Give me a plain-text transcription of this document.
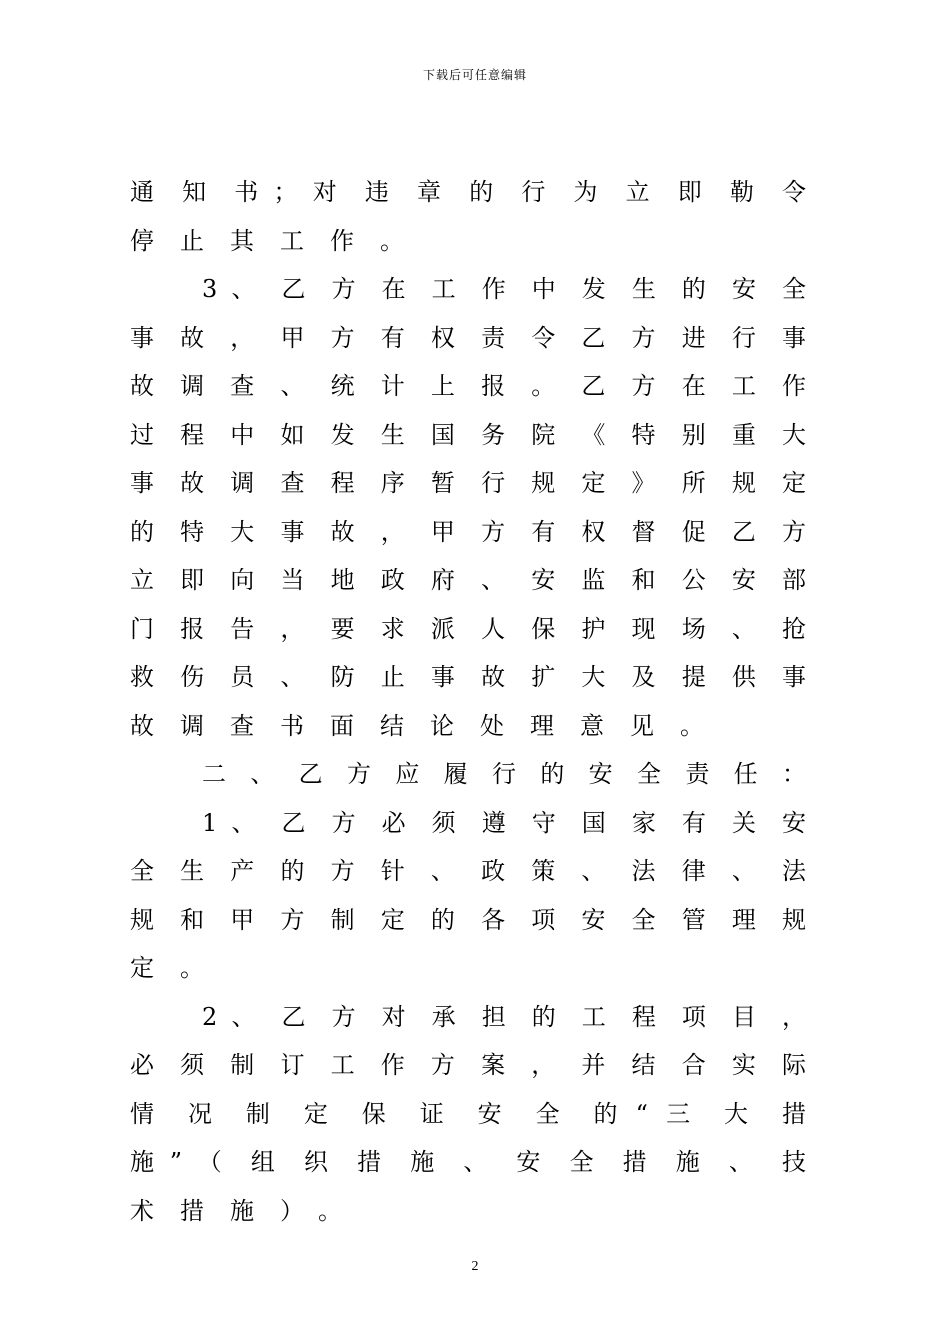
下载后可任意编辑
通 知 书 ； 对 违 章 的 行 为 立 即 勒 令
停止其工作。
3 、 乙 方 在 工 作 中 发 生 的 安 全
事 故 ， 甲 方 有 权 责 令 乙 方 进 行 事
故 调 查 、 统 计 上 报 。 乙 方 在 工 作
过 程 中 如 发 生 国 务 院 《 特 别 重 大
事 故 调 查 程 序 暂 行 规 定 》 所 规 定
的 特 大 事 故 ， 甲 方 有 权 督 促 乙 方
立 即 向 当 地 政 府 、 安 监 和 公 安 部
门 报 告 ， 要 求 派 人 保 护 现 场 、 抢
救 伤 员 、 防 止 事 故 扩 大 及 提 供 事
故调查书面结论处理意见。
二 、 乙 方 应 履 行 的 安 全 责 任 ：
1 、 乙 方 必 须 遵 守 国 家 有 关 安
全 生 产 的 方 针 、 政 策 、 法 律 、 法
规 和 甲 方 制 定 的 各 项 安 全 管 理 规
定。
2 、 乙 方 对 承 担 的 工 程 项 目 ，
必 须 制 订 工 作 方 案 ， 并 结 合 实 际
情 况 制 定 保 证 安 全 的 “ 三 大 措
施 ” （ 组 织 措 施 、 安 全 措 施 、 技
术措施）。
2
